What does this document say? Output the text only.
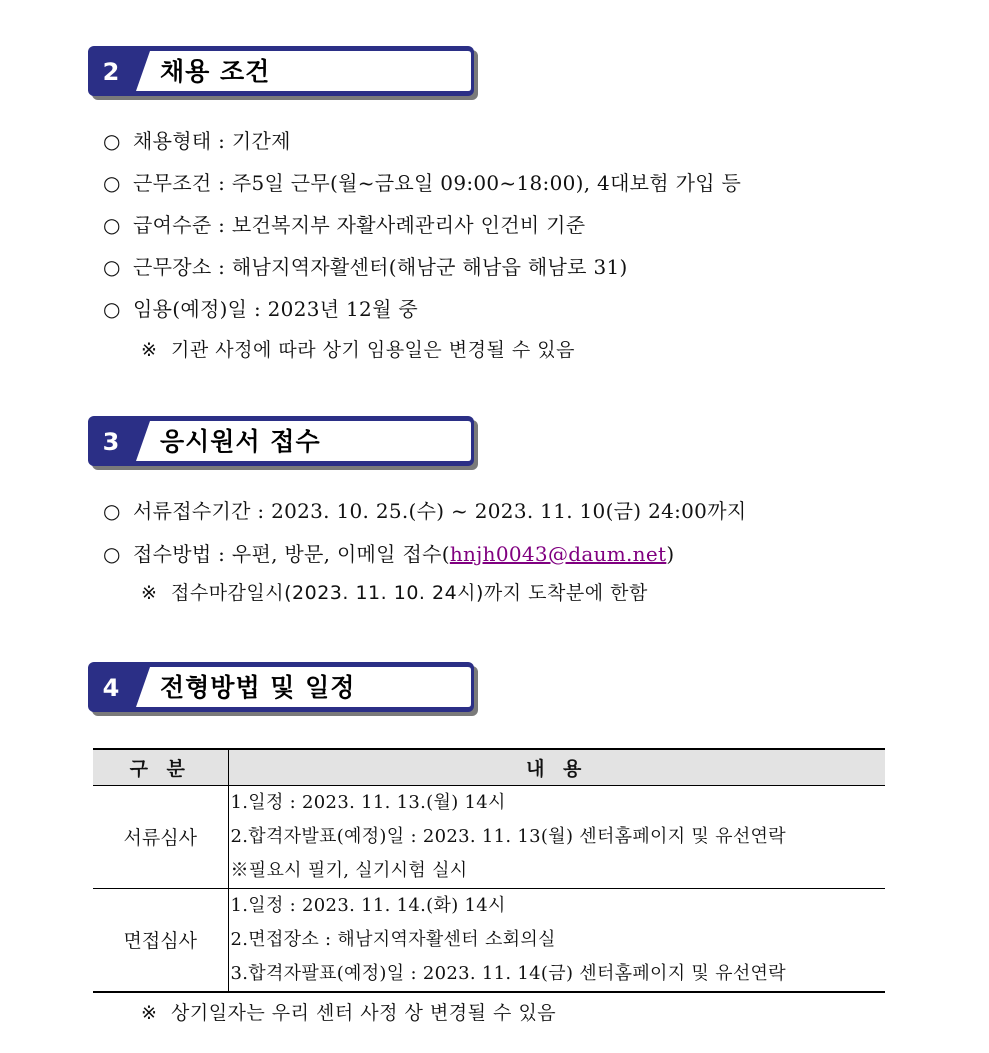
2	채용 조건
○ 채용형태 : 기간제
○ 근무조건 : 주5일 근무(월~금요일 09:00~18:00), 4대보험 가입 등
○ 급여수준 : 보건복지부 자활사례관리사 인건비 기준
○ 근무장소 : 해남지역자활센터(해남군 해남읍 해남로 31)
○ 임용(예정)일 : 2023년 12월 중
※ 기관 사정에 따라 상기 임용일은 변경될 수 있음
3	응시원서 접수
○ 서류접수기간 : 2023. 10. 25.(수) ~ 2023. 11. 10(금) 24:00까지
○ 접수방법 : 우편, 방문, 이메일 접수(hnjh0043@daum.net)
※ 접수마감일시(2023. 11. 10. 24시)까지 도착분에 한함
4	전형방법 및 일정
구 분	내 용
서류심사	1.일정 : 2023. 11. 13.(월) 14시
2.합격자발표(예정)일 : 2023. 11. 13(월) 센터홈페이지 및 유선연락
※필요시 필기, 실기시험 실시

면접심사	1.일정 : 2023. 11. 14.(화) 14시
2.면접장소 : 해남지역자활센터 소회의실
3.합격자팔표(예정)일 : 2023. 11. 14(금) 센터홈페이지 및 유선연락
※ 상기일자는 우리 센터 사정 상 변경될 수 있음
